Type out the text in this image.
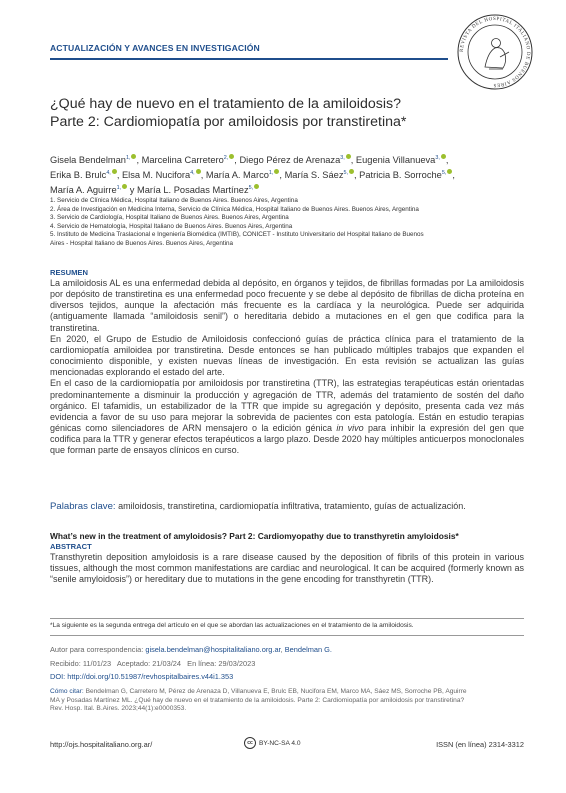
ACTUALIZACIÓN Y AVANCES EN INVESTIGACIÓN	REVISTA DEL HOSPITAL ITALIANO DE BUENOS AIRES
¿Qué hay de nuevo en el tratamiento de la amiloidosis?
Parte 2: Cardiomiopatía por amiloidosis por transtiretina*
Gisela Bendelman$^{1,}$ , Marcelina Carretero$^{2,}$ , Diego Pérez de Arenaza$^{3,}$ , Eugenia Villanueva$^{3,}$ ,
Erika B. Brulc$^{4,}$ , Elsa M. Nucifora$^{4,}$ , María A. Marco$^{1,}$ , María S. Sáez$^{5,}$ , Patricia B. Sorroche$^{5,}$ ,
María A. Aguirre$^{1,}$ y María L. Posadas Martínez$^{5,}$
1. Servicio de Clínica Médica, Hospital Italiano de Buenos Aires. Buenos Aires, Argentina
2. Área de Investigación en Medicina Interna, Servicio de Clínica Médica, Hospital Italiano de Buenos Aires. Buenos Aires, Argentina
3. Servicio de Cardiología, Hospital Italiano de Buenos Aires. Buenos Aires, Argentina
4. Servicio de Hematología, Hospital Italiano de Buenos Aires. Buenos Aires, Argentina
5. Instituto de Medicina Traslacional e Ingeniería Biomédica (IMTIB), CONICET - Instituto Universitario del Hospital Italiano de Buenos
Aires - Hospital Italiano de Buenos Aires. Buenos Aires, Argentina
RESUMEN

La amiloidosis AL es una enfermedad debida al depósito, en órganos y tejidos, de fibrillas formadas por La amiloidosis por depósito de transtiretina es una enfermedad poco frecuente y se debe al depósito de fibrillas de dicha proteína en diversos tejidos, aunque la afectación más frecuente es la cardíaca y la neurológica. Puede ser adquirida (antiguamente llamada “amiloidosis senil”) o hereditaria debido a mutaciones en el gen que codifica para la transtiretina.

En 2020, el Grupo de Estudio de Amiloidosis confeccionó guías de práctica clínica para el tratamiento de la cardiomiopatía amiloidea por transtiretina. Desde entonces se han publicado múltiples trabajos que expanden el conocimiento disponible, y existen nuevas líneas de investigación. En esta revisión se actualizan las guías mencionadas explorando el estado del arte.

En el caso de la cardiomiopatía por amiloidosis por transtiretina (TTR), las estrategias terapéuticas están orientadas predominantemente a disminuir la producción y agregación de TTR, además del tratamiento de sostén del daño orgánico. El tafamidis, un estabilizador de la TTR que impide su agregación y depósito, presenta cada vez más evidencia a favor de su uso para mejorar la sobrevida de pacientes con esta patología. Están en estudio terapias génicas como silenciadores de ARN mensajero o la edición génica in vivo para inhibir la expresión del gen que codifica para la TTR y generar efectos terapéuticos a largo plazo. Desde 2020 hay múltiples anticuerpos monoclonales que forman parte de ensayos clínicos en curso.

Palabras clave: amiloidosis, transtiretina, cardiomiopatía infiltrativa, tratamiento, guías de actualización.
What’s new in the treatment of amyloidosis? Part 2: Cardiomyopathy due to transthyretin amyloidosis*
ABSTRACT
Transthyretin deposition amyloidosis is a rare disease caused by the deposition of fibrils of this protein in various tissues, although the most common manifestations are cardiac and neurological. It can be acquired (formerly known as “senile amyloidosis”) or hereditary due to mutations in the gene encoding for transthyretin (TTR).
*La siguiente es la segunda entrega del artículo en el que se abordan las actualizaciones en el tratamiento de la amiloidosis.
Autor para correspondencia: gisela.bendelman@hospitalitaliano.org.ar, Bendelman G.
Recibido: 11/01/23 Aceptado: 21/03/24 En línea: 29/03/2023
DOI: http://doi.org/10.51987/revhospitalbaires.v44i1.353
Cómo citar: Bendelman G, Carretero M, Pérez de Arenaza D, Villanueva E, Brulc EB, Nucifora EM, Marco MA, Sáez MS, Sorroche PB, Aguirre
MA y Posadas Martínez ML. ¿Qué hay de nuevo en el tratamiento de la amiloidosis. Parte 2: Cardiomiopatía por amiloidosis por transtiretina?
Rev. Hosp. Ital. B.Aires. 2023;44(1):e0000353.
http://ojs.hospitalitaliano.org.ar/	cc BY-NC-SA 4.0	ISSN (en línea) 2314-3312
